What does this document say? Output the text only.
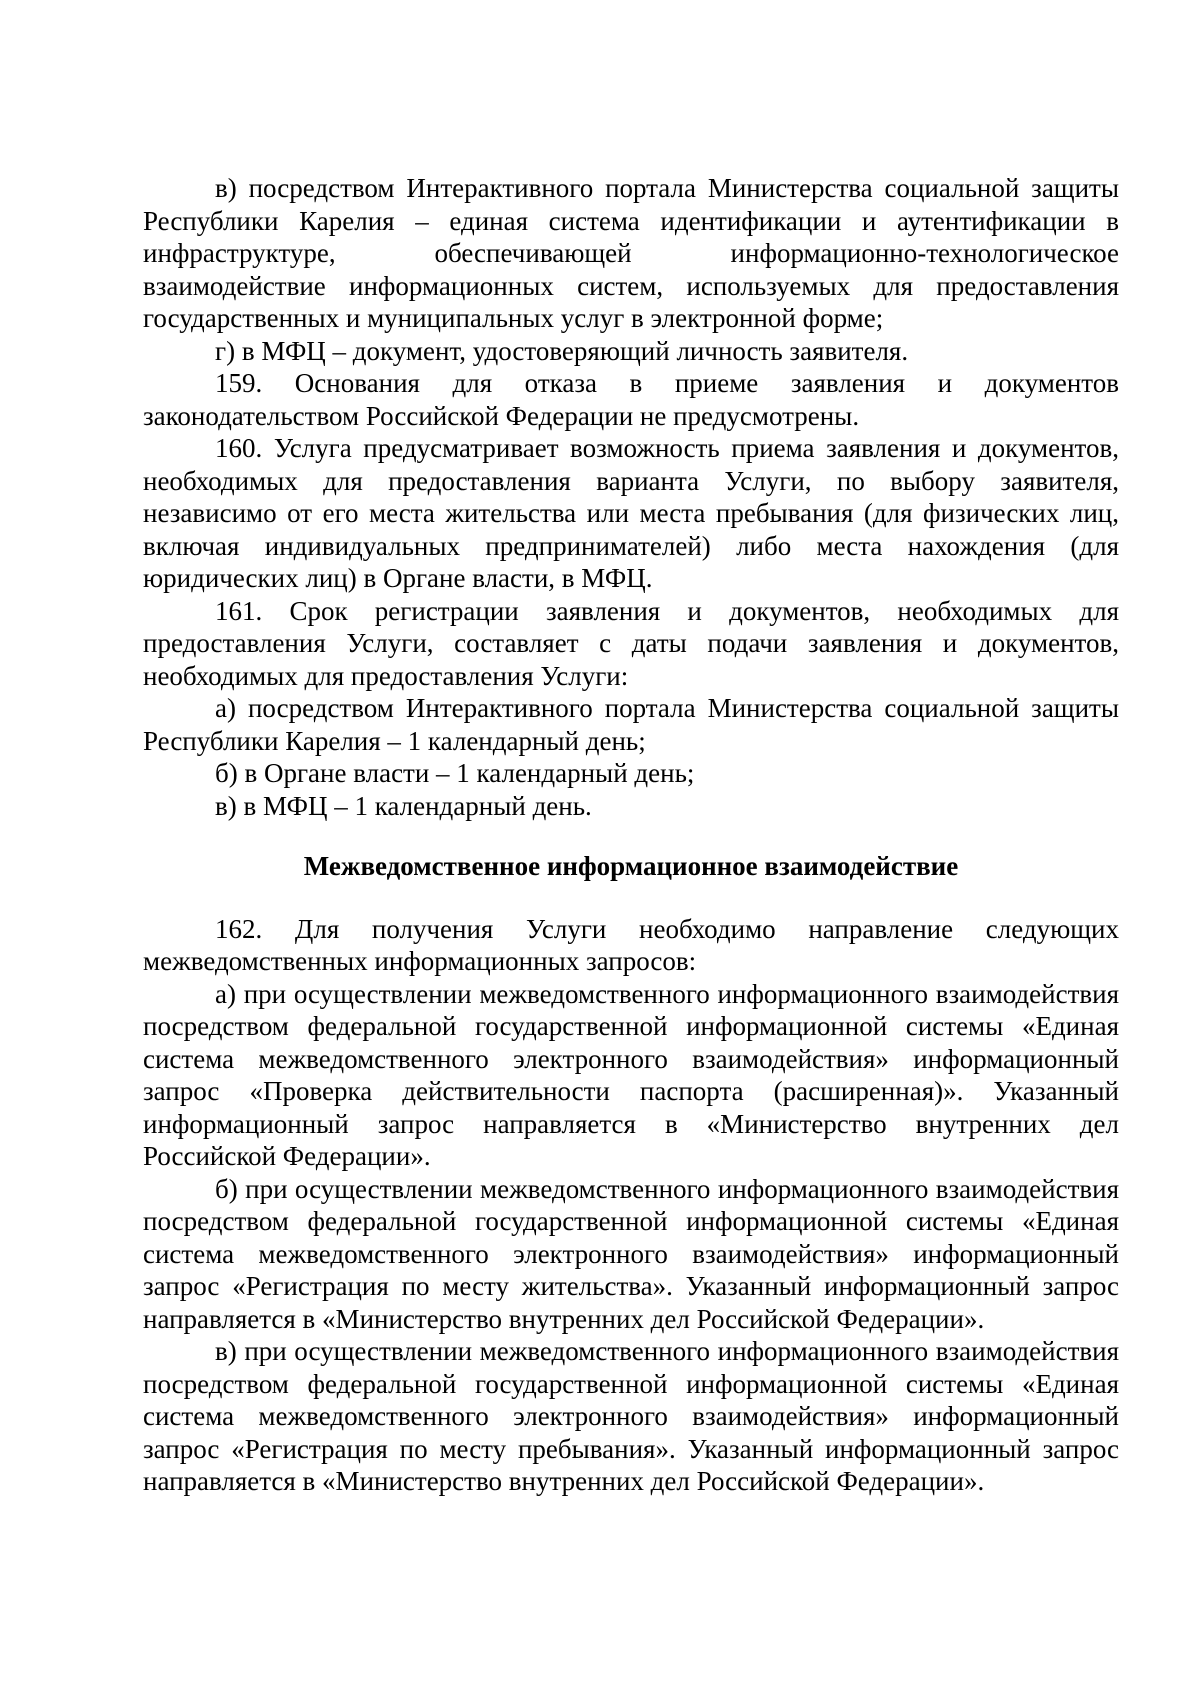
в) посредством Интерактивного портала Министерства социальной защиты Республики Карелия – единая система идентификации и аутентификации в инфраструктуре, обеспечивающей информационно-технологическое взаимодействие информационных систем, используемых для предоставления государственных и муниципальных услуг в электронной форме;

г) в МФЦ – документ, удостоверяющий личность заявителя.

159. Основания для отказа в приеме заявления и документов законодательством Российской Федерации не предусмотрены.

160. Услуга предусматривает возможность приема заявления и документов, необходимых для предоставления варианта Услуги, по выбору заявителя, независимо от его места жительства или места пребывания (для физических лиц, включая индивидуальных предпринимателей) либо места нахождения (для юридических лиц) в Органе власти, в МФЦ.

161. Срок регистрации заявления и документов, необходимых для предоставления Услуги, составляет с даты подачи заявления и документов, необходимых для предоставления Услуги:

а) посредством Интерактивного портала Министерства социальной защиты Республики Карелия – 1 календарный день;

б) в Органе власти – 1 календарный день;

в) в МФЦ – 1 календарный день.

Межведомственное информационное взаимодействие

162. Для получения Услуги необходимо направление следующих межведомственных информационных запросов:

а) при осуществлении межведомственного информационного взаимодействия посредством федеральной государственной информационной системы «Единая система межведомственного электронного взаимодействия» информационный запрос «Проверка действительности паспорта (расширенная)». Указанный информационный запрос направляется в «Министерство внутренних дел Российской Федерации».

б) при осуществлении межведомственного информационного взаимодействия посредством федеральной государственной информационной системы «Единая система межведомственного электронного взаимодействия» информационный запрос «Регистрация по месту жительства». Указанный информационный запрос направляется в «Министерство внутренних дел Российской Федерации».

в) при осуществлении межведомственного информационного взаимодействия посредством федеральной государственной информационной системы «Единая система межведомственного электронного взаимодействия» информационный запрос «Регистрация по месту пребывания». Указанный информационный запрос направляется в «Министерство внутренних дел Российской Федерации».
